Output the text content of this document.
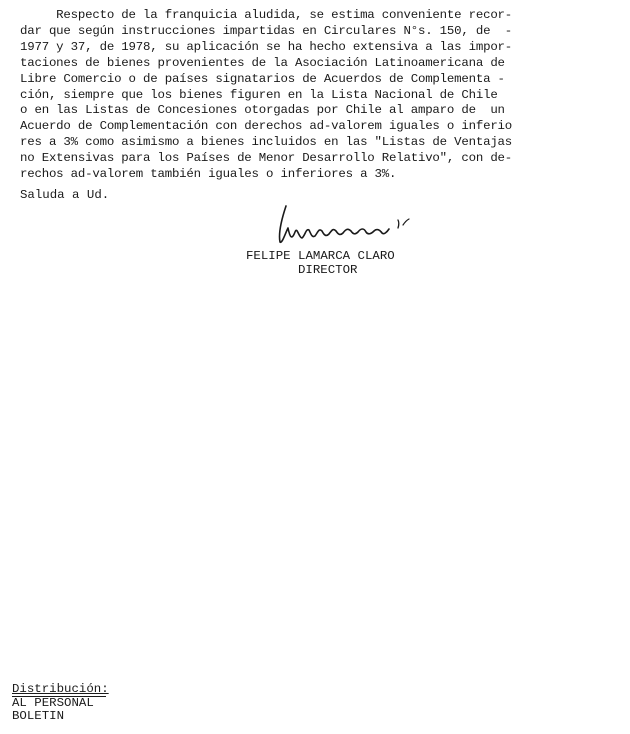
Respecto de la franquicia aludida, se estima conveniente recor-
dar que según instrucciones impartidas en Circulares N°s. 150, de  -
1977 y 37, de 1978, su aplicación se ha hecho extensiva a las impor-
taciones de bienes provenientes de la Asociación Latinoamericana de
Libre Comercio o de países signatarios de Acuerdos de Complementa -
ción, siempre que los bienes figuren en la Lista Nacional de Chile
o en las Listas de Concesiones otorgadas por Chile al amparo de  un
Acuerdo de Complementación con derechos ad-valorem iguales o inferio
res a 3% como asimismo a bienes incluidos en las "Listas de Ventajas
no Extensivas para los Países de Menor Desarrollo Relativo", con de-
rechos ad-valorem también iguales o inferiores a 3%.
Saluda a Ud.
FELIPE LAMARCA CLARO
DIRECTOR
Distribución:
AL PERSONAL
BOLETIN
